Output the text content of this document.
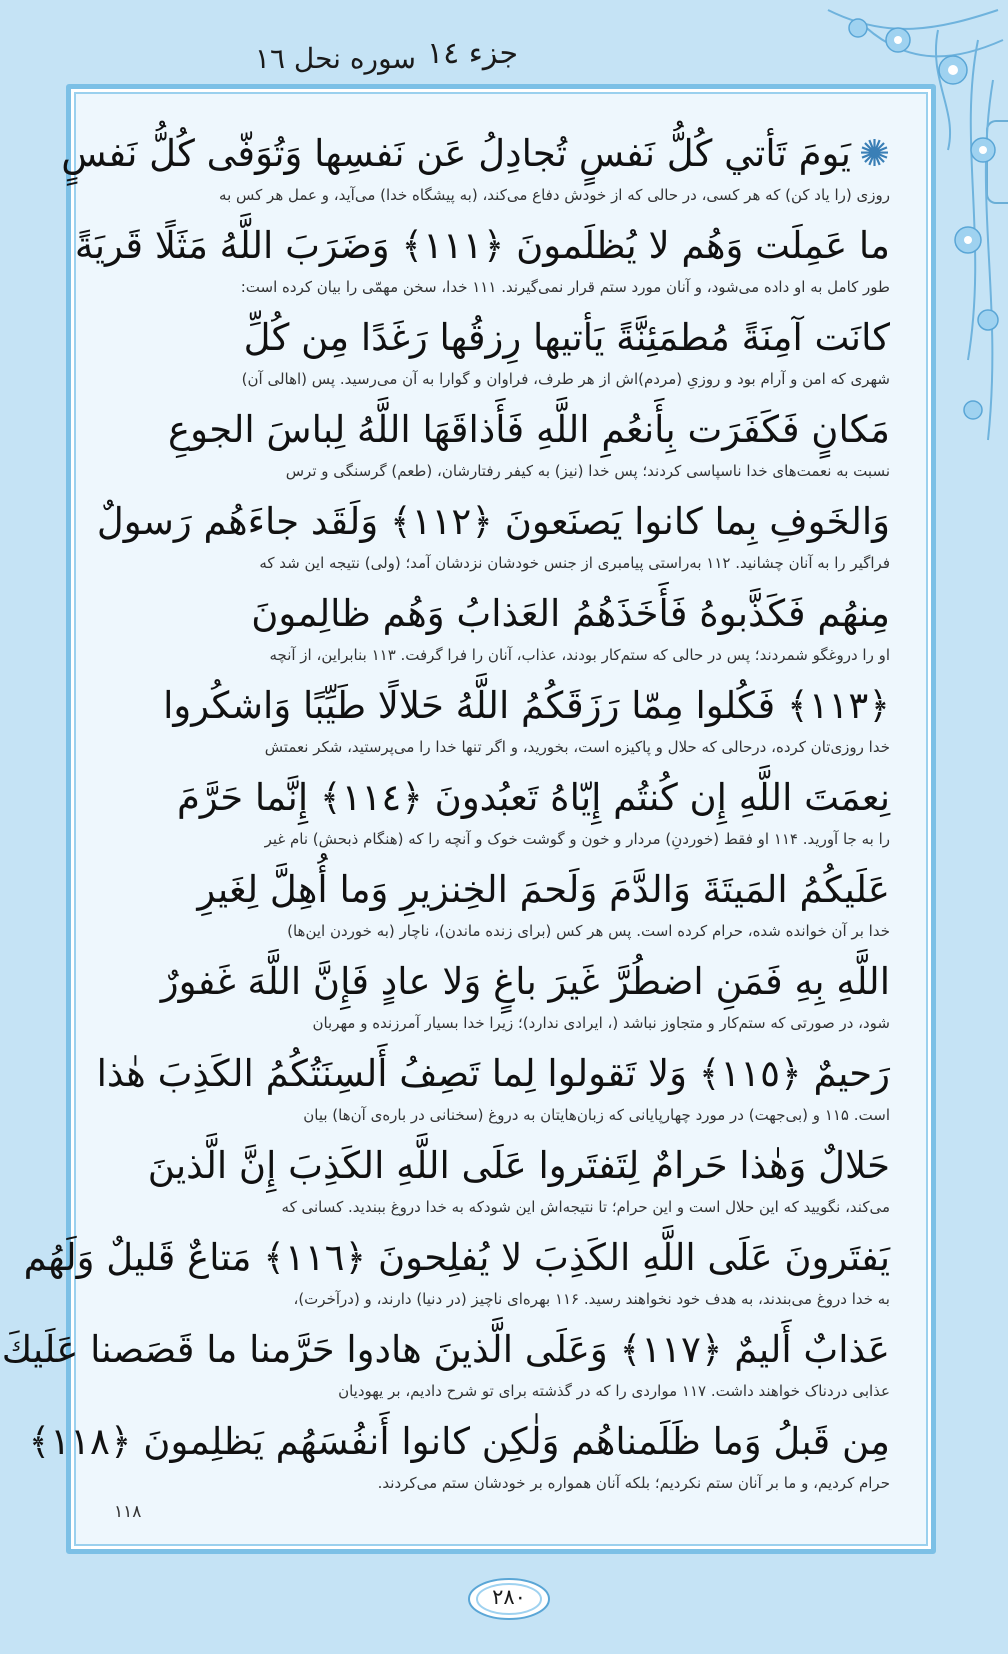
جزء ١٤
سوره نحل ١٦
✺يَومَ تَأتي كُلُّ نَفسٍ تُجادِلُ عَن نَفسِها وَتُوَفّى كُلُّ نَفسٍ
روزی (را یاد کن) که هر کسی، در حالی که از خودش دفاع می‌کند، (به پیشگاه خدا) می‌آید، و عمل هر کس به
ما عَمِلَت وَهُم لا يُظلَمونَ ﴿١١١﴾ وَضَرَبَ اللَّهُ مَثَلًا قَريَةً
طور کامل به او داده می‌شود، و آنان مورد ستم قرار نمی‌گیرند. ۱۱۱ خدا، سخن مهمّی را بیان کرده است:
كانَت آمِنَةً مُطمَئِنَّةً يَأتيها رِزقُها رَغَدًا مِن كُلِّ
شهری که امن و آرام بود و روزیِ (مردم)اش از هر طرف، فراوان و گوارا به آن می‌رسید. پس (اهالی آن)
مَكانٍ فَكَفَرَت بِأَنعُمِ اللَّهِ فَأَذاقَهَا اللَّهُ لِباسَ الجوعِ
نسبت به نعمت‌های خدا ناسپاسی کردند؛ پس خدا (نیز) به کیفر رفتارشان، (طعم) گرسنگی و ترس
وَالخَوفِ بِما كانوا يَصنَعونَ ﴿١١٢﴾ وَلَقَد جاءَهُم رَسولٌ
فراگیر را به آنان چشانید. ۱۱۲ به‌راستی پیامبری از جنس خودشان نزدشان آمد؛ (ولی) نتیجه این شد که
مِنهُم فَكَذَّبوهُ فَأَخَذَهُمُ العَذابُ وَهُم ظالِمونَ
او را دروغگو شمردند؛ پس در حالی که ستم‌کار بودند، عذاب، آنان را فرا گرفت. ۱۱۳ بنابراین، از آنچه
﴿١١٣﴾ فَكُلوا مِمّا رَزَقَكُمُ اللَّهُ حَلالًا طَيِّبًا وَاشكُروا
خدا روزی‌تان کرده، درحالی که حلال و پاکیزه است، بخورید، و اگر تنها خدا را می‌پرستید، شکر نعمتش
نِعمَتَ اللَّهِ إِن كُنتُم إِيّاهُ تَعبُدونَ ﴿١١٤﴾ إِنَّما حَرَّمَ
را به جا آورید. ۱۱۴ او فقط (خوردنِ) مردار و خون و گوشت خوک و آنچه را که (هنگام ذبحش) نام غیر
عَلَيكُمُ المَيتَةَ وَالدَّمَ وَلَحمَ الخِنزيرِ وَما أُهِلَّ لِغَيرِ
خدا بر آن خوانده شده، حرام کرده است. پس هر کس (برای زنده ماندن)، ناچار (به خوردن این‌ها)
اللَّهِ بِهِ فَمَنِ اضطُرَّ غَيرَ باغٍ وَلا عادٍ فَإِنَّ اللَّهَ غَفورٌ
شود، در صورتی که ستم‌کار و متجاوز نباشد (، ایرادی ندارد)؛ زیرا خدا بسیار آمرزنده و مهربان
رَحيمٌ ﴿١١٥﴾ وَلا تَقولوا لِما تَصِفُ أَلسِنَتُكُمُ الكَذِبَ هٰذا
است. ۱۱۵ و (بی‌جهت) در مورد چهارپایانی که زبان‌هایتان به دروغ (سخنانی در باره‌ی آن‌ها) بیان
حَلالٌ وَهٰذا حَرامٌ لِتَفتَروا عَلَى اللَّهِ الكَذِبَ إِنَّ الَّذينَ
می‌کند، نگویید که این حلال است و این حرام؛ تا نتیجه‌اش این شودکه به خدا دروغ ببندید. کسانی که
يَفتَرونَ عَلَى اللَّهِ الكَذِبَ لا يُفلِحونَ ﴿١١٦﴾ مَتاعٌ قَليلٌ وَلَهُم
به خدا دروغ می‌بندند، به هدف خود نخواهند رسید. ۱۱۶ بهره‌ای ناچیز (در دنیا) دارند، و (درآخرت)،
عَذابٌ أَليمٌ ﴿١١٧﴾ وَعَلَى الَّذينَ هادوا حَرَّمنا ما قَصَصنا عَلَيكَ
عذابی دردناک خواهند داشت. ۱۱۷ مواردی را که در گذشته برای تو شرح دادیم، بر یهودیان
مِن قَبلُ وَما ظَلَمناهُم وَلٰكِن كانوا أَنفُسَهُم يَظلِمونَ ﴿١١٨﴾
حرام کردیم، و ما بر آنان ستم نکردیم؛ بلکه آنان همواره بر خودشان ستم می‌کردند.
۱۱۸
۲۸۰
